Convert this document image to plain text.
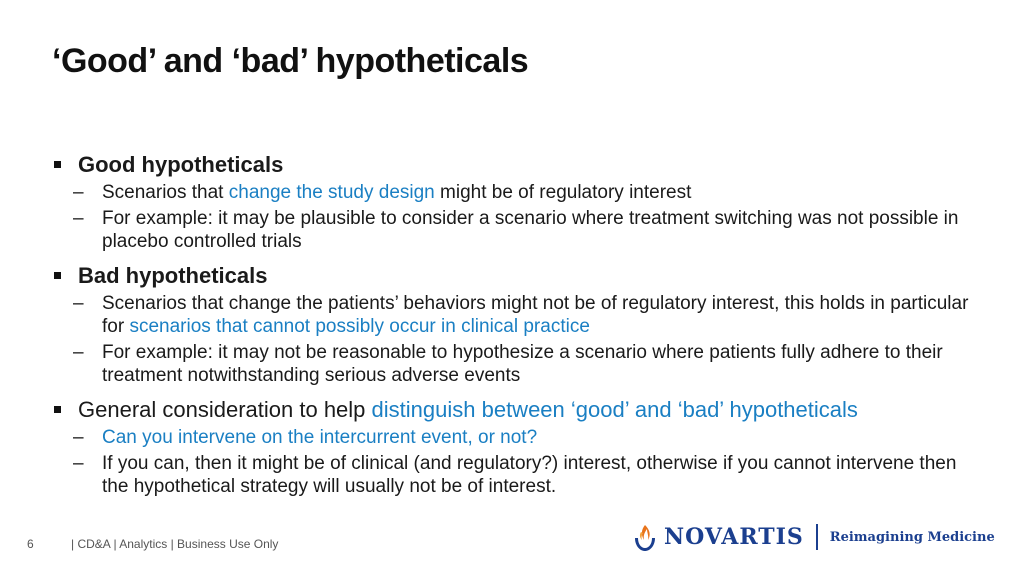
‘Good’ and ‘bad’ hypotheticals
Good hypotheticals
– Scenarios that change the study design might be of regulatory interest
– For example: it may be plausible to consider a scenario where treatment switching was not possible in placebo controlled trials
Bad hypotheticals
– Scenarios that change the patients’ behaviors might not be of regulatory interest, this holds in particular for scenarios that cannot possibly occur in clinical practice
– For example: it may not be reasonable to hypothesize a scenario where patients fully adhere to their treatment notwithstanding serious adverse events
General consideration to help distinguish between ‘good’ and ‘bad’ hypotheticals
– Can you intervene on the intercurrent event, or not?
– If you can, then it might be of clinical (and regulatory?) interest, otherwise if you cannot intervene then the hypothetical strategy will usually not be of interest.
6	| CD&A | Analytics | Business Use Only	NOVARTIS Reimagining Medicine
